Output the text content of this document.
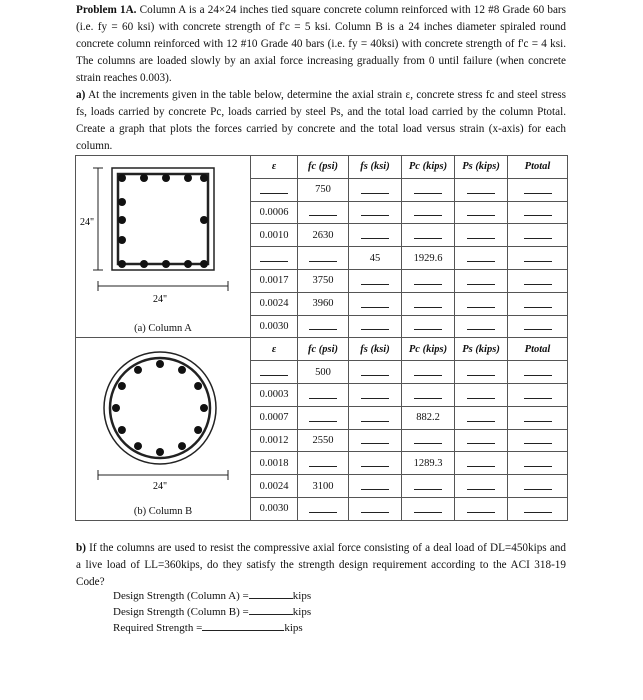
Problem 1A. Column A is a 24×24 inches tied square concrete column reinforced with 12 #8 Grade 60 bars (i.e. fy = 60 ksi) with concrete strength of f'c = 5 ksi. Column B is a 24 inches diameter spiraled round concrete column reinforced with 12 #10 Grade 40 bars (i.e. fy = 40ksi) with concrete strength of f'c = 4 ksi. The columns are loaded slowly by an axial force increasing gradually from 0 until failure (when concrete strain reaches 0.003).
a) At the increments given in the table below, determine the axial strain ε, concrete stress fc and steel stress fs, loads carried by concrete Pc, loads carried by steel Ps, and the total load carried by the column Ptotal. Create a graph that plots the forces carried by concrete and the total load versus strain (x-axis) for each column.
24"
24"
(a) Column A	ε	fc (psi)	fs (ksi)	Pc (kips)	Ps (kips)	Ptotal
		750				
	0.0006					
	0.0010	2630				
			45	1929.6		
	0.0017	3750				
	0.0024	3960				
	0.0030					

24"
(b) Column B	ε	fc (psi)	fs (ksi)	Pc (kips)	Ps (kips)	Ptotal
		500				
	0.0003					
	0.0007			882.2		
	0.0012	2550				
	0.0018			1289.3		
	0.0024	3100				
	0.0030					
b) If the columns are used to resist the compressive axial force consisting of a deal load of DL=450kips and a live load of LL=360kips, do they satisfy the strength design requirement according to the ACI 318-19 Code?
Design Strength (Column A) =	kips
Design Strength (Column B) =	kips
Required Strength =	kips
